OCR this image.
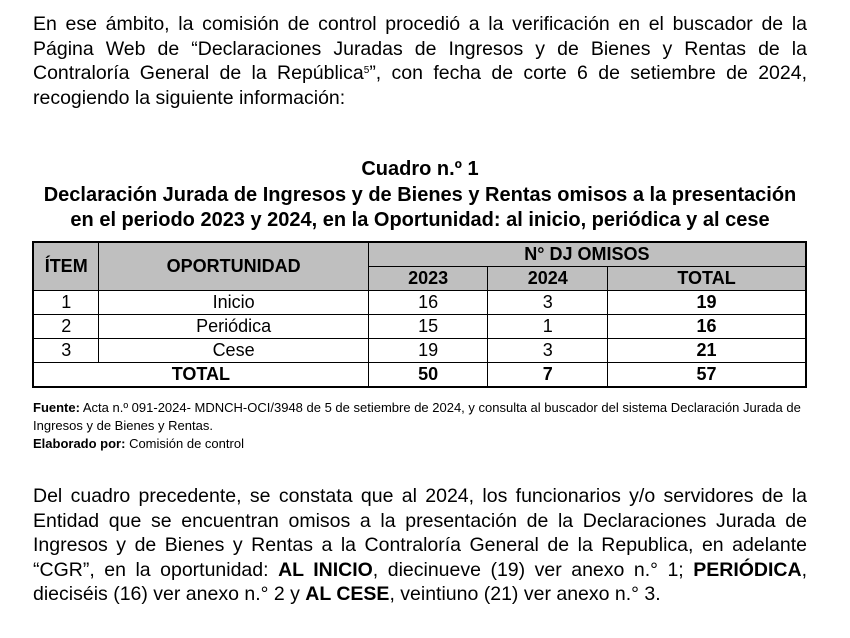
En ese ámbito, la comisión de control procedió a la verificación en el buscador de la Página Web de “Declaraciones Juradas de Ingresos y de Bienes y Rentas de la Contraloría General de la República$^5$”, con fecha de corte 6 de setiembre de 2024, recogiendo la siguiente información:
Cuadro n.º 1
Declaración Jurada de Ingresos y de Bienes y Rentas omisos a la presentación en el periodo 2023 y 2024, en la Oportunidad: al inicio, periódica y al cese
ÍTEM	OPORTUNIDAD	N° DJ OMISOS		
		2023	2024	TOTAL
1	Inicio	16	3	19
2	Periódica	15	1	16
3	Cese	19	3	21
TOTAL		50	7	57
Fuente: Acta n.º 091-2024- MDNCH-OCI/3948 de 5 de setiembre de 2024, y consulta al buscador del sistema Declaración Jurada de Ingresos y de Bienes y Rentas.
Elaborado por: Comisión de control
Del cuadro precedente, se constata que al 2024, los funcionarios y/o servidores de la Entidad que se encuentran omisos a la presentación de la Declaraciones Jurada de Ingresos y de Bienes y Rentas a la Contraloría General de la Republica, en adelante “CGR”, en la oportunidad: AL INICIO, diecinueve (19) ver anexo n.° 1; PERIÓDICA, dieciséis (16) ver anexo n.° 2 y AL CESE, veintiuno (21) ver anexo n.° 3.
